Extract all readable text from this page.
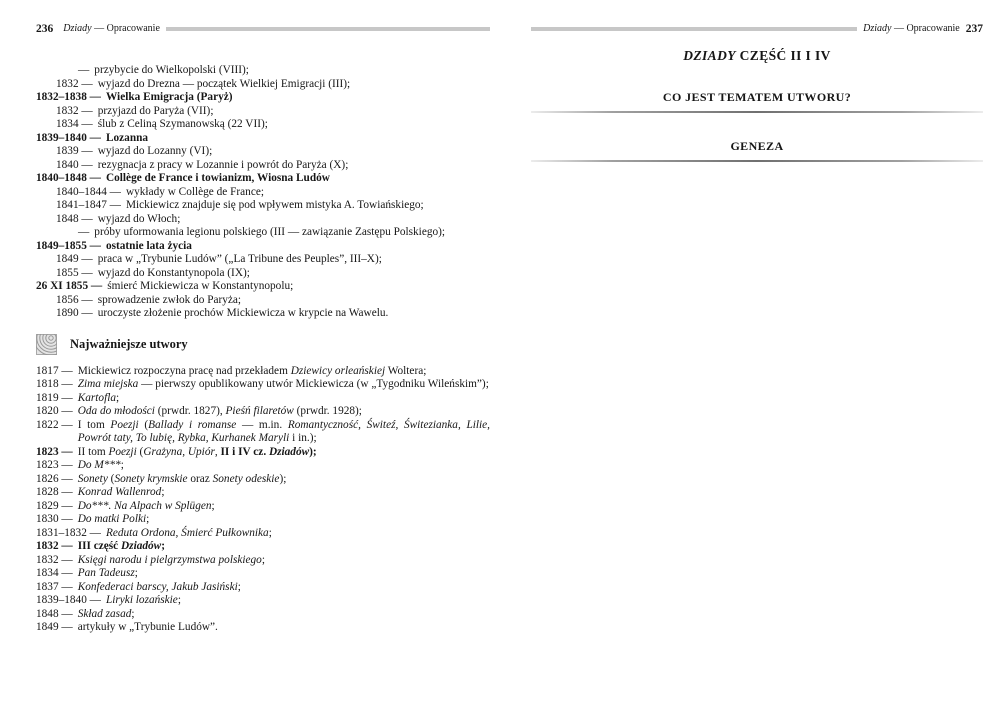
236 Dziady — Opracowanie
— przybycie do Wielkopolski (VIII);
1832 — wyjazd do Drezna — początek Wielkiej Emigracji (III);
1832–1838 — Wielka Emigracja (Paryż)
1832 — przyjazd do Paryża (VII);
1834 — ślub z Celiną Szymanowską (22 VII);
1839–1840 — Lozanna
1839 — wyjazd do Lozanny (VI);
1840 — rezygnacja z pracy w Lozannie i powrót do Paryża (X);
1840–1848 — Collège de France i towianizm, Wiosna Ludów
1840–1844 — wykłady w Collège de France;
1841–1847 — Mickiewicz znajduje się pod wpływem mistyka A. Towiańskiego;
1848 — wyjazd do Włoch;
— próby uformowania legionu polskiego (III — zawiązanie Zastępu Polskiego);
1849–1855 — ostatnie lata życia
1849 — praca w „Trybunie Ludów” („La Tribune des Peuples”, III–X);
1855 — wyjazd do Konstantynopola (IX);
26 XI 1855 — śmierć Mickiewicza w Konstantynopolu;
1856 — sprowadzenie zwłok do Paryża;
1890 — uroczyste złożenie prochów Mickiewicza w krypcie na Wawelu.
Najważniejsze utwory
1817 — Mickiewicz rozpoczyna pracę nad przekładem Dziewicy orleańskiej Woltera;
1818 — Zima miejska — pierwszy opublikowany utwór Mickiewicza (w „Tygodniku Wileńskim”);
1819 — Kartofla;
1820 — Oda do młodości (prwdr. 1827), Pieśń filaretów (prwdr. 1928);
1822 — I tom Poezji (Ballady i romanse — m.in. Romantyczność, Świteź, Świtezianka, Lilie, Powrót taty, To lubię, Rybka, Kurhanek Maryli i in.);
1823 — II tom Poezji (Grażyna, Upiór, II i IV cz. Dziadów);
1823 — Do M***;
1826 — Sonety (Sonety krymskie oraz Sonety odeskie);
1828 — Konrad Wallenrod;
1829 — Do***. Na Alpach w Splügen;
1830 — Do matki Polki;
1831–1832 — Reduta Ordona, Śmierć Pułkownika;
1832 — III część Dziadów;
1832 — Księgi narodu i pielgrzymstwa polskiego;
1834 — Pan Tadeusz;
1837 — Konfederaci barscy, Jakub Jasiński;
1839–1840 — Liryki lozańskie;
1848 — Skład zasad;
1849 — artykuły w „Trybunie Ludów”.
Dziady — Opracowanie 237
DZIADY CZĘŚĆ II I IV
CO JEST TEMATEM UTWORU?

GENEZA
